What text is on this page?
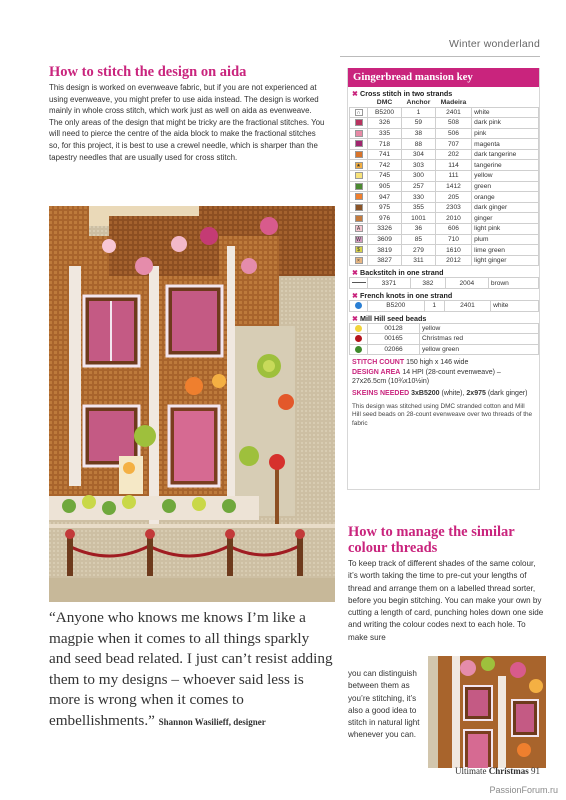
Winter wonderland
How to stitch the design on aida

This design is worked on evenweave fabric, but if you are not experienced at using evenweave, you might prefer to use aida instead. The design is worked mainly in whole cross stitch, which work just as well on aida as evenweave. The only areas of the design that might be tricky are the fractional stitches. You will need to pierce the centre of the aida block to make the fractional stitches so, for this project, it is best to use a crewel needle, which is sharper than the tapestry needles that are usually used for cross stitch.

“Anyone who knows me knows I’m like a magpie when it comes to all things sparkly and seed bead related. I just can’t resist adding them to my designs – whoever said less is more is wrong when it comes to embellishments.” Shannon Wasilieff, designer
Gingerbread mansion key
✖ Cross stitch in two strands
	DMC	Anchor	Madeira	
∩	B5200	1	2401	white
	326	59	508	dark pink
	335	38	506	pink
	718	88	707	magenta
	741	304	202	dark tangerine
★	742	303	114	tangerine
	745	300	111	yellow
	905	257	1412	green
	947	330	205	orange
	975	355	2303	dark ginger
	976	1001	2010	ginger
A	3326	36	606	light pink
W	3609	85	710	plum
$	3819	279	1610	lime green
×	3827	311	2012	light ginger
✖ Backstitch in one strand
	3371	382	2004	brown
✖ French knots in one strand
	B5200	1	2401	white
✖ Mill Hill seed beads
	00128	yellow
	00165	Christmas red
	02066	yellow green
STITCH COUNT 150 high x 146 wide
DESIGN AREA 14 HPI (28-count evenweave) – 27x26.5cm (10¾x10½in)
SKEINS NEEDED 3xB5200 (white), 2x975 (dark ginger)

This design was stitched using DMC stranded cotton and Mill Hill seed beads on 28-count evenweave over two threads of the fabric

How to manage the similar colour threads

To keep track of different shades of the same colour, it’s worth taking the time to pre-cut your lengths of thread and arrange them on a labelled thread sorter, before you begin stitching. You can make your own by cutting a length of card, punching holes down one side and writing the colour codes next to each hole. To make sure

you can distinguish between them as you’re stitching, it’s also a good idea to stitch in natural light whenever you can.

Ultimate Christmas 91
PassionForum.ru
